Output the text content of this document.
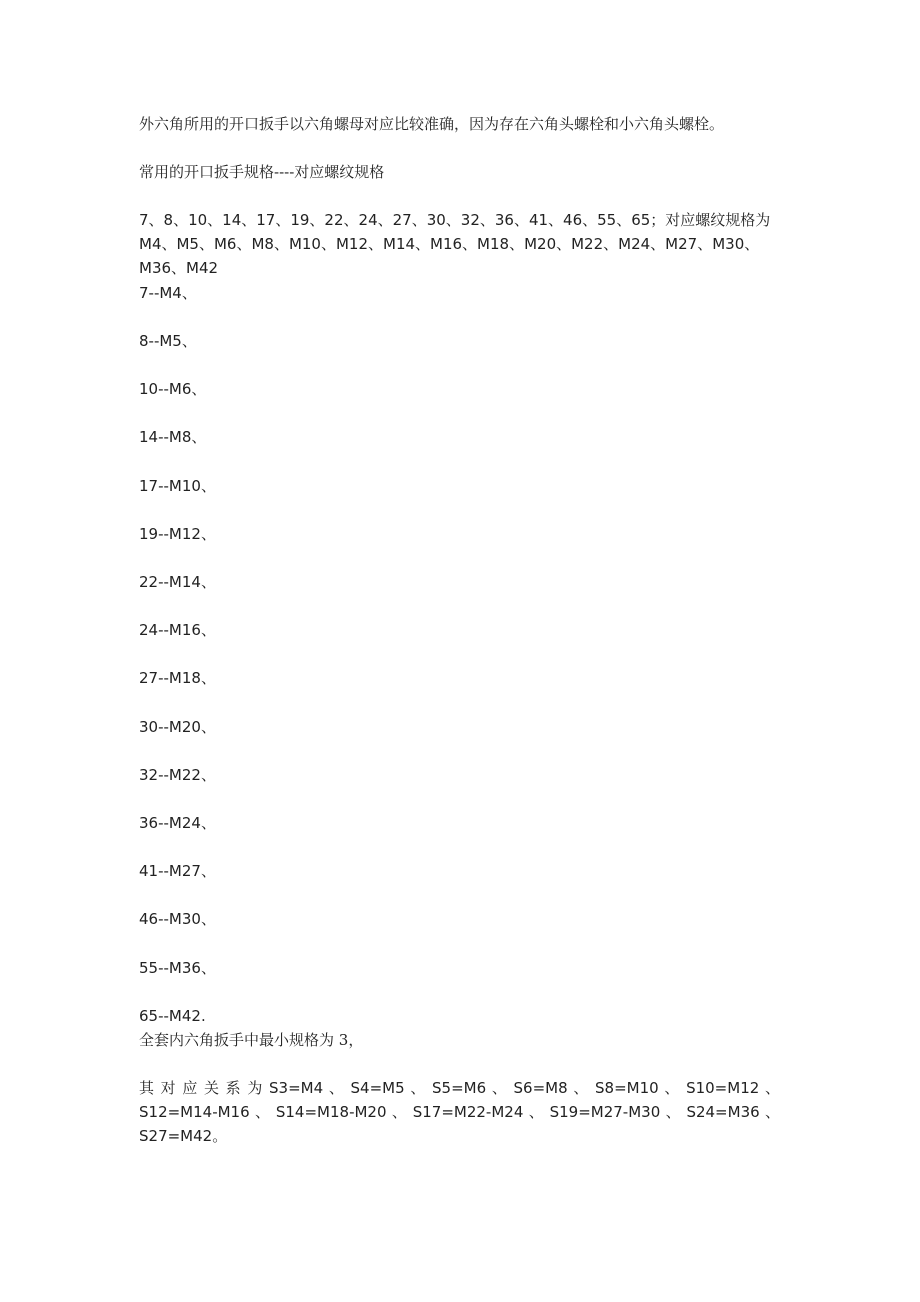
外六角所用的开口扳手以六角螺母对应比较准确，因为存在六角头螺栓和小六角头螺栓。
常用的开口扳手规格----对应螺纹规格
7、8、10、14、17、19、22、24、27、30、32、36、41、46、55、65；对应螺纹规格为
M4、M5、M6、M8、M10、M12、M14、M16、M18、M20、M22、M24、M27、M30、
M36、M42
7--M4、
8--M5、
10--M6、
14--M8、
17--M10、
19--M12、
22--M14、
24--M16、
27--M18、
30--M20、
32--M22、
36--M24、
41--M27、
46--M30、
55--M36、
65--M42.
全套内六角扳手中最小规格为 3，
其 对 应 关 系 为 S3=M4 、 S4=M5 、 S5=M6 、 S6=M8 、 S8=M10 、 S10=M12 、
S12=M14-M16 、 S14=M18-M20 、 S17=M22-M24 、 S19=M27-M30 、 S24=M36 、
S27=M42。
